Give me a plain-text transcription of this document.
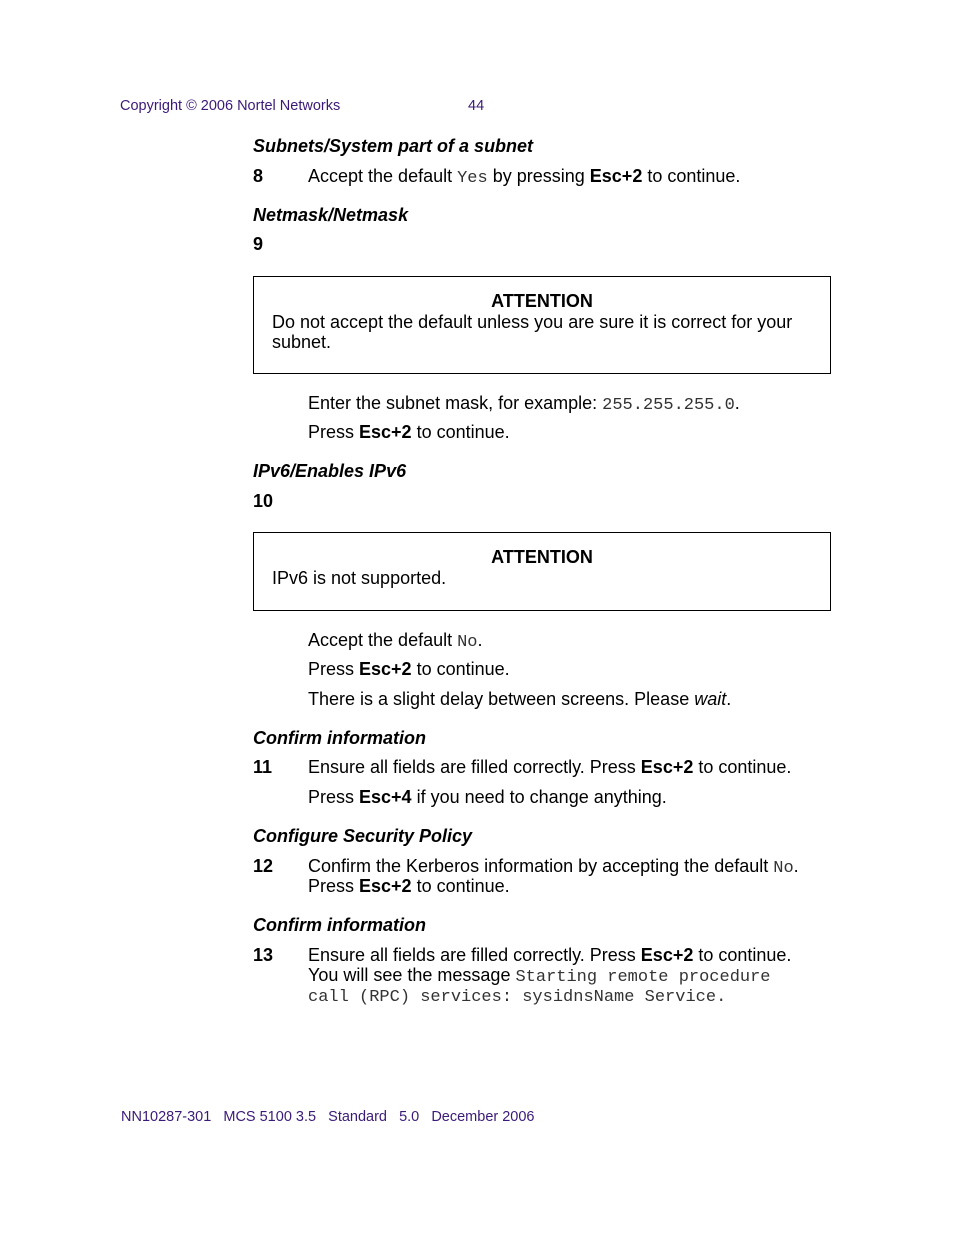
Copyright © 2006 Nortel Networks	44
Subnets/System part of a subnet
8 Accept the default Yes by pressing Esc+2 to continue.
Netmask/Netmask
9
ATTENTION
Do not accept the default unless you are sure it is correct for your subnet.
Enter the subnet mask, for example: 255.255.255.0.
Press Esc+2 to continue.
IPv6/Enables IPv6
10
ATTENTION
IPv6 is not supported.
Accept the default No.
Press Esc+2 to continue.
There is a slight delay between screens. Please wait.
Confirm information
11 Ensure all fields are filled correctly. Press Esc+2 to continue.
Press Esc+4 if you need to change anything.
Configure Security Policy
12 Confirm the Kerberos information by accepting the default No.
Press Esc+2 to continue.
Confirm information
13 Ensure all fields are filled correctly. Press Esc+2 to continue.
You will see the message Starting remote procedure
call (RPC) services: sysidnsName Service.
NN10287-301   MCS 5100 3.5   Standard   5.0   December 2006
